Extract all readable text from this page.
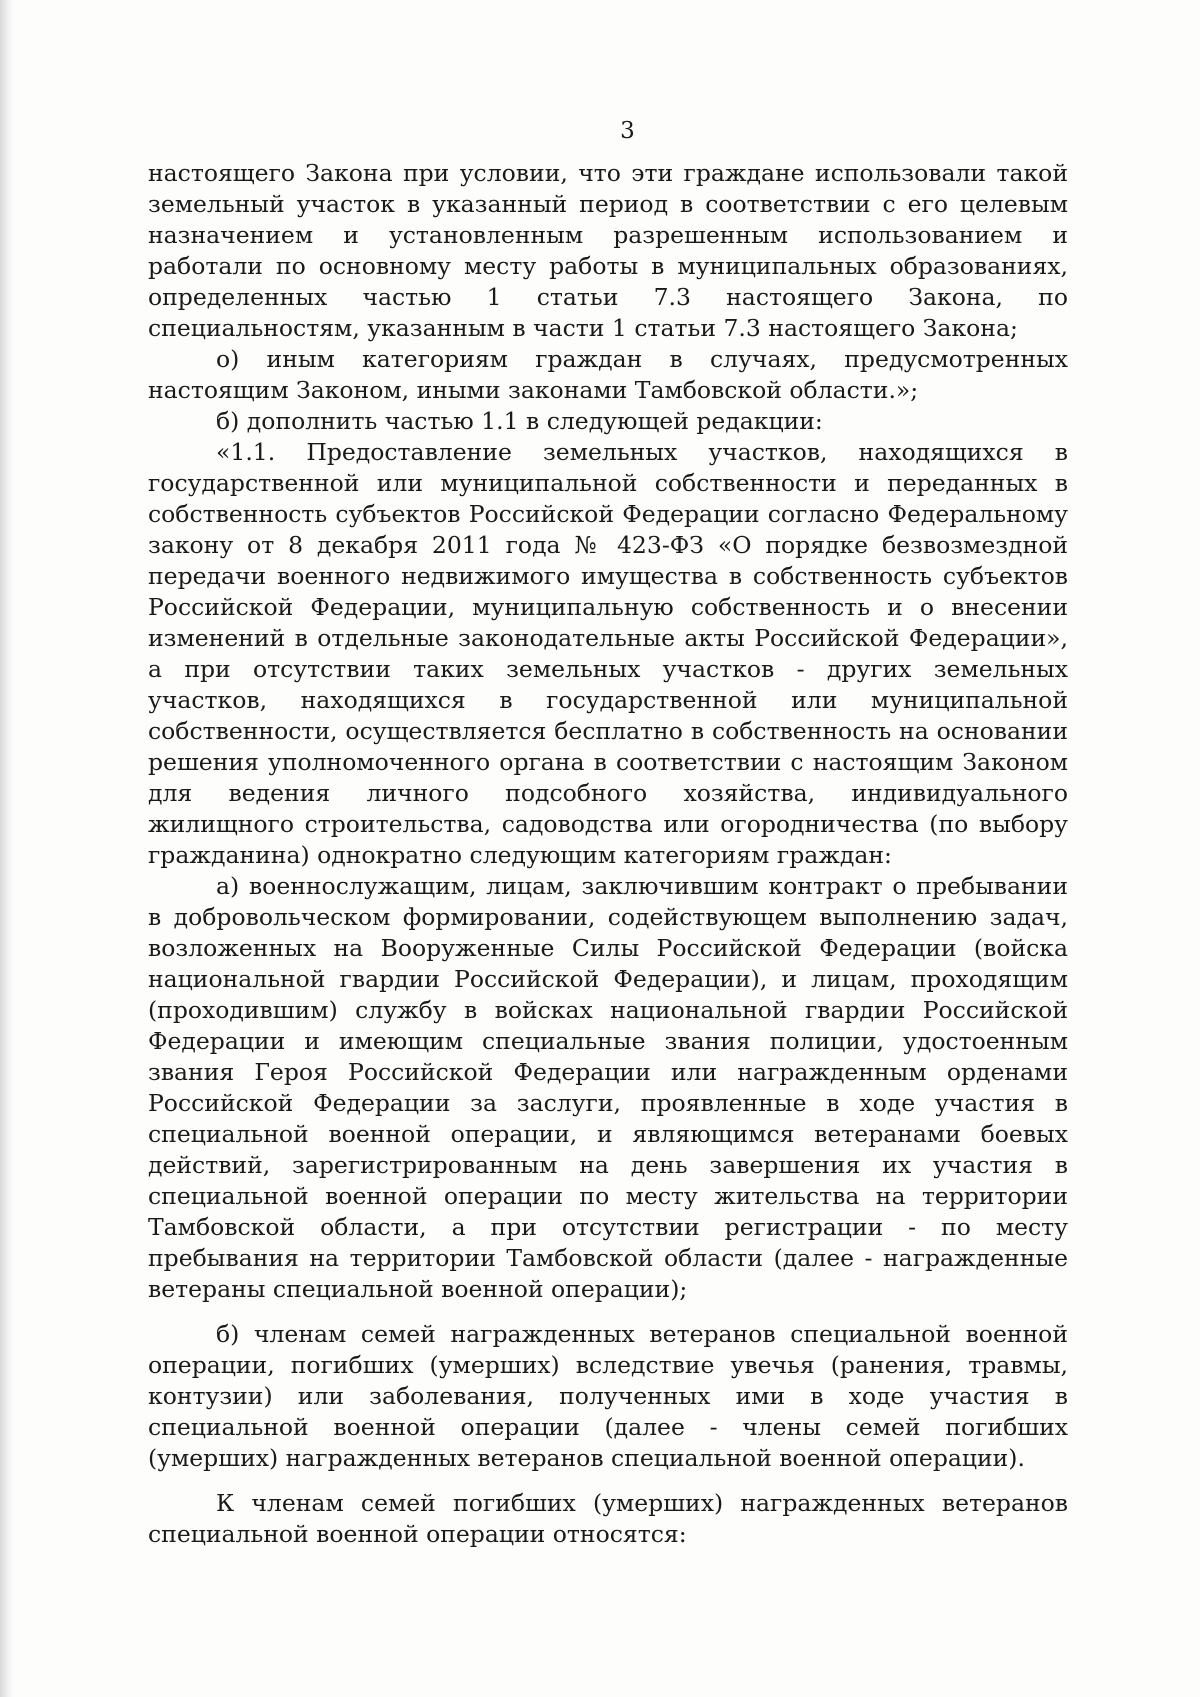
3

настоящего Закона при условии, что эти граждане использовали такой земельный участок в указанный период в соответствии с его целевым назначением и установленным разрешенным использованием и работали по основному месту работы в муниципальных образованиях, определенных частью 1 статьи 7.3 настоящего Закона, по специальностям, указанным в части 1 статьи 7.3 настоящего Закона;

о) иным категориям граждан в случаях, предусмотренных настоящим Законом, иными законами Тамбовской области.»;

б) дополнить частью 1.1 в следующей редакции:

«1.1. Предоставление земельных участков, находящихся в государственной или муниципальной собственности и переданных в собственность субъектов Российской Федерации согласно Федеральному закону от 8 декабря 2011 года № 423-ФЗ «О порядке безвозмездной передачи военного недвижимого имущества в собственность субъектов Российской Федерации, муниципальную собственность и о внесении изменений в отдельные законодательные акты Российской Федерации», а при отсутствии таких земельных участков - других земельных участков, находящихся в государственной или муниципальной собственности, осуществляется бесплатно в собственность на основании решения уполномоченного органа в соответствии с настоящим Законом для ведения личного подсобного хозяйства, индивидуального жилищного строительства, садоводства или огородничества (по выбору гражданина) однократно следующим категориям граждан:

а) военнослужащим, лицам, заключившим контракт о пребывании в добровольческом формировании, содействующем выполнению задач, возложенных на Вооруженные Силы Российской Федерации (войска национальной гвардии Российской Федерации), и лицам, проходящим (проходившим) службу в войсках национальной гвардии Российской Федерации и имеющим специальные звания полиции, удостоенным звания Героя Российской Федерации или награжденным орденами Российской Федерации за заслуги, проявленные в ходе участия в специальной военной операции, и являющимся ветеранами боевых действий, зарегистрированным на день завершения их участия в специальной военной операции по месту жительства на территории Тамбовской области, а при отсутствии регистрации - по месту пребывания на территории Тамбовской области (далее - награжденные ветераны специальной военной операции);

б) членам семей награжденных ветеранов специальной военной операции, погибших (умерших) вследствие увечья (ранения, травмы, контузии) или заболевания, полученных ими в ходе участия в специальной военной операции (далее - члены семей погибших (умерших) награжденных ветеранов специальной военной операции).

К членам семей погибших (умерших) награжденных ветеранов специальной военной операции относятся:
